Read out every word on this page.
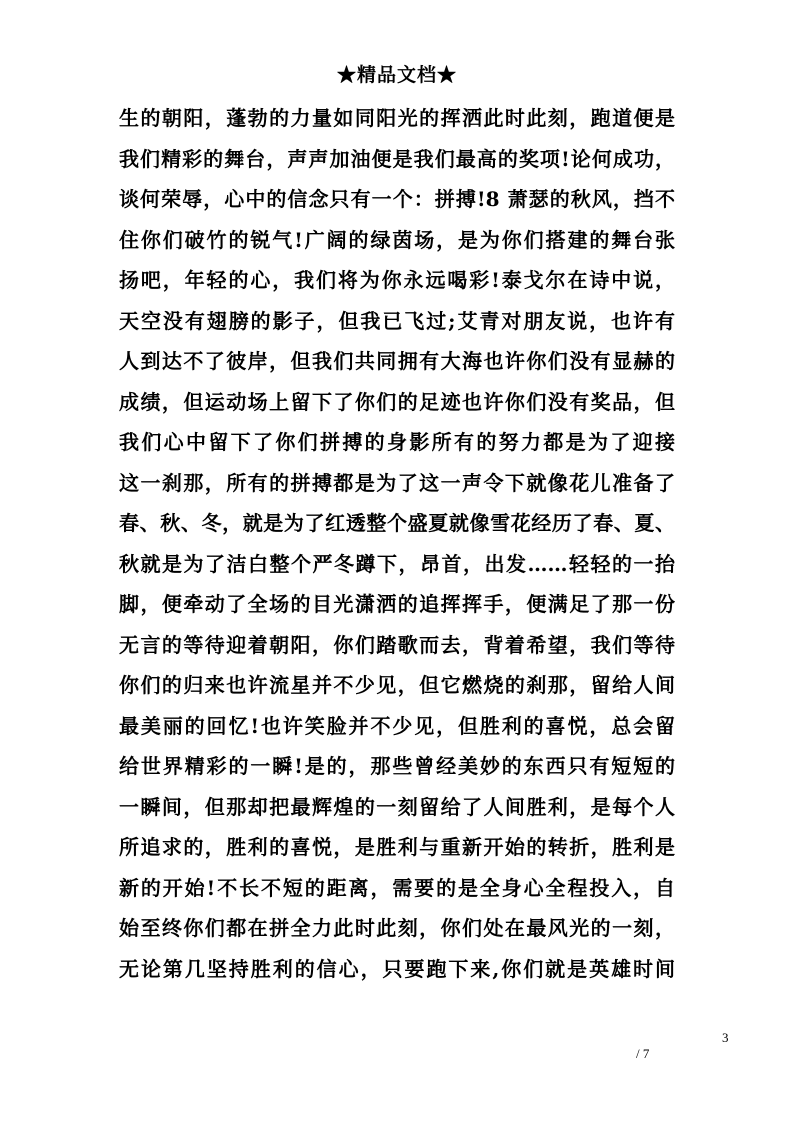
★精品文档★
生的朝阳，蓬勃的力量如同阳光的挥洒此时此刻，跑道便是
我们精彩的舞台，声声加油便是我们最高的奖项!论何成功，
谈何荣辱，心中的信念只有一个：拼搏!8 萧瑟的秋风，挡不
住你们破竹的锐气!广阔的绿茵场，是为你们搭建的舞台张
扬吧，年轻的心，我们将为你永远喝彩!泰戈尔在诗中说，
天空没有翅膀的影子，但我已飞过;艾青对朋友说，也许有
人到达不了彼岸，但我们共同拥有大海也许你们没有显赫的
成绩，但运动场上留下了你们的足迹也许你们没有奖品，但
我们心中留下了你们拼搏的身影所有的努力都是为了迎接
这一刹那，所有的拼搏都是为了这一声令下就像花儿准备了
春、秋、冬，就是为了红透整个盛夏就像雪花经历了春、夏、
秋就是为了洁白整个严冬蹲下，昂首，出发……轻轻的一抬
脚，便牵动了全场的目光潇洒的追挥挥手，便满足了那一份
无言的等待迎着朝阳，你们踏歌而去，背着希望，我们等待
你们的归来也许流星并不少见，但它燃烧的刹那，留给人间
最美丽的回忆!也许笑脸并不少见，但胜利的喜悦，总会留
给世界精彩的一瞬!是的，那些曾经美妙的东西只有短短的
一瞬间，但那却把最辉煌的一刻留给了人间胜利，是每个人
所追求的，胜利的喜悦，是胜利与重新开始的转折，胜利是
新的开始!不长不短的距离，需要的是全身心全程投入，自
始至终你们都在拼全力此时此刻，你们处在最风光的一刻，
无论第几坚持胜利的信心，只要跑下来,你们就是英雄时间
3
/ 7
